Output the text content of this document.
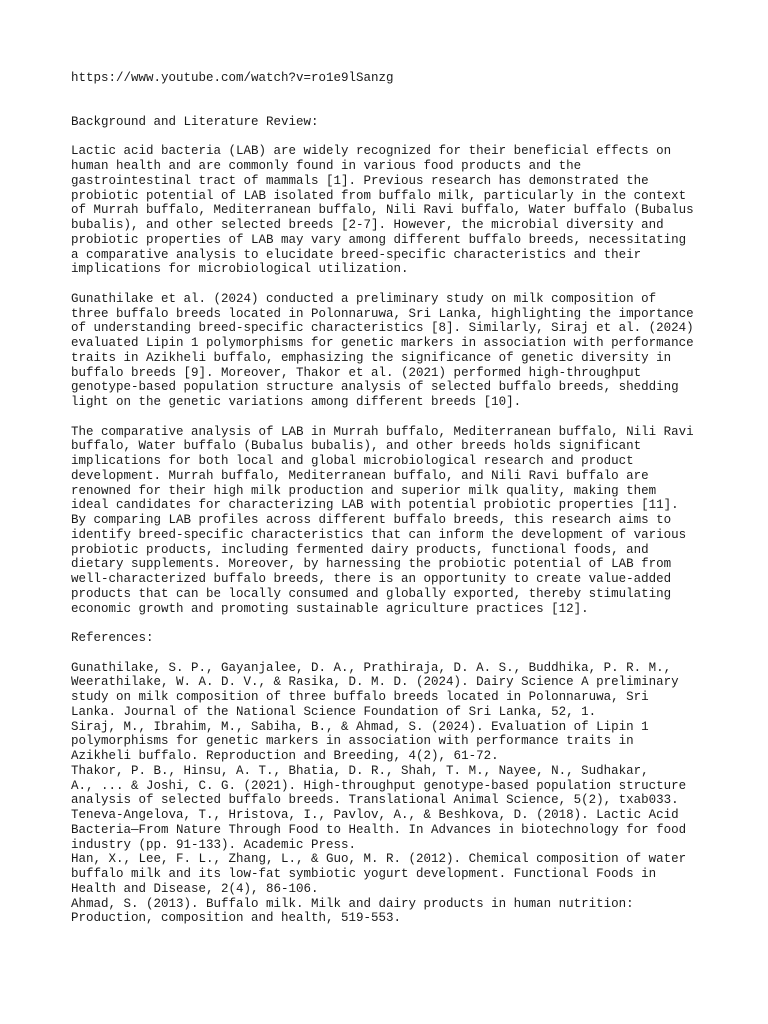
https://www.youtube.com/watch?v=ro1e9lSanzg
Background and Literature Review:
Lactic acid bacteria (LAB) are widely recognized for their beneficial effects on
human health and are commonly found in various food products and the
gastrointestinal tract of mammals [1]. Previous research has demonstrated the
probiotic potential of LAB isolated from buffalo milk, particularly in the context
of Murrah buffalo, Mediterranean buffalo, Nili Ravi buffalo, Water buffalo (Bubalus
bubalis), and other selected breeds [2-7]. However, the microbial diversity and
probiotic properties of LAB may vary among different buffalo breeds, necessitating
a comparative analysis to elucidate breed-specific characteristics and their
implications for microbiological utilization.
Gunathilake et al. (2024) conducted a preliminary study on milk composition of
three buffalo breeds located in Polonnaruwa, Sri Lanka, highlighting the importance
of understanding breed-specific characteristics [8]. Similarly, Siraj et al. (2024)
evaluated Lipin 1 polymorphisms for genetic markers in association with performance
traits in Azikheli buffalo, emphasizing the significance of genetic diversity in
buffalo breeds [9]. Moreover, Thakor et al. (2021) performed high-throughput
genotype-based population structure analysis of selected buffalo breeds, shedding
light on the genetic variations among different breeds [10].
The comparative analysis of LAB in Murrah buffalo, Mediterranean buffalo, Nili Ravi
buffalo, Water buffalo (Bubalus bubalis), and other breeds holds significant
implications for both local and global microbiological research and product
development. Murrah buffalo, Mediterranean buffalo, and Nili Ravi buffalo are
renowned for their high milk production and superior milk quality, making them
ideal candidates for characterizing LAB with potential probiotic properties [11].
By comparing LAB profiles across different buffalo breeds, this research aims to
identify breed-specific characteristics that can inform the development of various
probiotic products, including fermented dairy products, functional foods, and
dietary supplements. Moreover, by harnessing the probiotic potential of LAB from
well-characterized buffalo breeds, there is an opportunity to create value-added
products that can be locally consumed and globally exported, thereby stimulating
economic growth and promoting sustainable agriculture practices [12].
References:
Gunathilake, S. P., Gayanjalee, D. A., Prathiraja, D. A. S., Buddhika, P. R. M.,
Weerathilake, W. A. D. V., & Rasika, D. M. D. (2024). Dairy Science A preliminary
study on milk composition of three buffalo breeds located in Polonnaruwa, Sri
Lanka. Journal of the National Science Foundation of Sri Lanka, 52, 1.
Siraj, M., Ibrahim, M., Sabiha, B., & Ahmad, S. (2024). Evaluation of Lipin 1
polymorphisms for genetic markers in association with performance traits in
Azikheli buffalo. Reproduction and Breeding, 4(2), 61-72.
Thakor, P. B., Hinsu, A. T., Bhatia, D. R., Shah, T. M., Nayee, N., Sudhakar,
A., ... & Joshi, C. G. (2021). High-throughput genotype-based population structure
analysis of selected buffalo breeds. Translational Animal Science, 5(2), txab033.
Teneva-Angelova, T., Hristova, I., Pavlov, A., & Beshkova, D. (2018). Lactic Acid
Bacteria—From Nature Through Food to Health. In Advances in biotechnology for food
industry (pp. 91-133). Academic Press.
Han, X., Lee, F. L., Zhang, L., & Guo, M. R. (2012). Chemical composition of water
buffalo milk and its low-fat symbiotic yogurt development. Functional Foods in
Health and Disease, 2(4), 86-106.
Ahmad, S. (2013). Buffalo milk. Milk and dairy products in human nutrition:
Production, composition and health, 519-553.
